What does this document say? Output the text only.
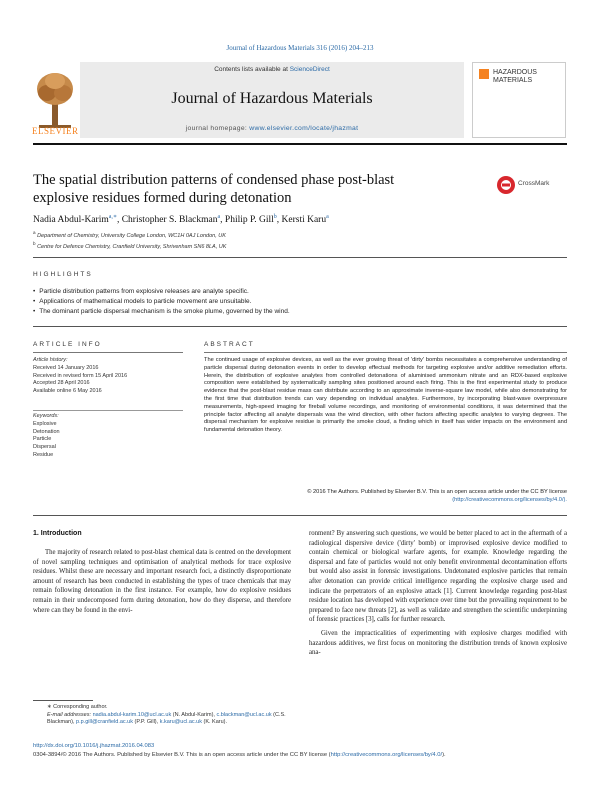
Journal of Hazardous Materials 316 (2016) 204–213
Contents lists available at ScienceDirect
Journal of Hazardous Materials
journal homepage: www.elsevier.com/locate/jhazmat
ELSEVIER
HAZARDOUS MATERIALS
The spatial distribution patterns of condensed phase post-blast explosive residues formed during detonation
CrossMark
Nadia Abdul-Karim$^{a,∗}$, Christopher S. Blackman$^a$, Philip P. Gill$^b$, Kersti Karu$^a$
$^a$ Department of Chemistry, University College London, WC1H 0AJ London, UK
$^b$ Centre for Defence Chemistry, Cranfield University, Shrivenham SN6 8LA, UK
HIGHLIGHTS
• Particle distribution patterns from explosive releases are analyte specific.
• Applications of mathematical models to particle movement are unsuitable.
• The dominant particle dispersal mechanism is the smoke plume, governed by the wind.
ARTICLE INFO
Article history:
Received 14 January 2016
Received in revised form 15 April 2016
Accepted 28 April 2016
Available online 6 May 2016
Keywords:
Explosive
Detonation
Particle
Dispersal
Residue
ABSTRACT
The continued usage of explosive devices, as well as the ever growing threat of 'dirty' bombs necessitates a comprehensive understanding of particle dispersal during detonation events in order to develop effectual methods for targeting explosive and/or additive remediation efforts. Herein, the distribution of explosive analytes from controlled detonations of aluminised ammonium nitrate and an RDX-based explosive composition were established by systematically sampling sites positioned around each firing. This is the first experimental study to produce evidence that the post-blast residue mass can distribute according to an approximate inverse-square law model, while also demonstrating for the first time that distribution trends can vary depending on individual analytes. Furthermore, by incorporating blast-wave overpressure measurements, high-speed imaging for fireball volume recordings, and monitoring of environmental conditions, it was determined that the principle factor affecting all analyte dispersals was the wind direction, with other factors affecting specific analytes to varying degrees. The dispersal mechanism for explosive residue is primarily the smoke cloud, a finding which in itself has wider impacts on the environment and fundamental detonation theory.
© 2016 The Authors. Published by Elsevier B.V. This is an open access article under the CC BY license
(http://creativecommons.org/licenses/by/4.0/).
1. Introduction

The majority of research related to post-blast chemical data is centred on the development of novel sampling techniques and optimisation of analytical methods for trace explosive residues. Whilst these are necessary and important research foci, a distinctly disproportionate amount of research has been conducted in establishing the types of trace chemicals that may remain following detonation in the first instance. For example, how do explosive residues remain in their undecomposed form during detonation, how do they disperse, and therefore where can they be found in the envi-

ronment? By answering such questions, we would be better placed to act in the aftermath of a radiological dispersive device ('dirty' bomb) or improvised explosive device modified to contain chemical or biological warfare agents, for example. Knowledge regarding the dispersal and fate of particles would not only benefit environmental decontamination efforts but would also assist in forensic investigations. Undetonated explosive particles that remain after detonation can provide critical intelligence regarding the explosive charge used and indicate the perpetrators of an explosive attack [1]. Current knowledge regarding post-blast residue location has developed with experience over time but the prevailing requirement to be prepared to face new threats [2], as well as validate and strengthen the scientific underpinning of forensic practices [3], calls for further research.

Given the impracticalities of experimenting with explosive charges modified with hazardous additives, we first focus on monitoring the distribution trends of known explosive ana-

∗ Corresponding author.
E-mail addresses: nadia.abdul-karim.10@ucl.ac.uk (N. Abdul-Karim), c.blackman@ucl.ac.uk (C.S. Blackman), p.p.gill@cranfield.ac.uk (P.P. Gill), k.karu@ucl.ac.uk (K. Karu).
http://dx.doi.org/10.1016/j.jhazmat.2016.04.083
0304-3894/© 2016 The Authors. Published by Elsevier B.V. This is an open access article under the CC BY license (http://creativecommons.org/licenses/by/4.0/).
